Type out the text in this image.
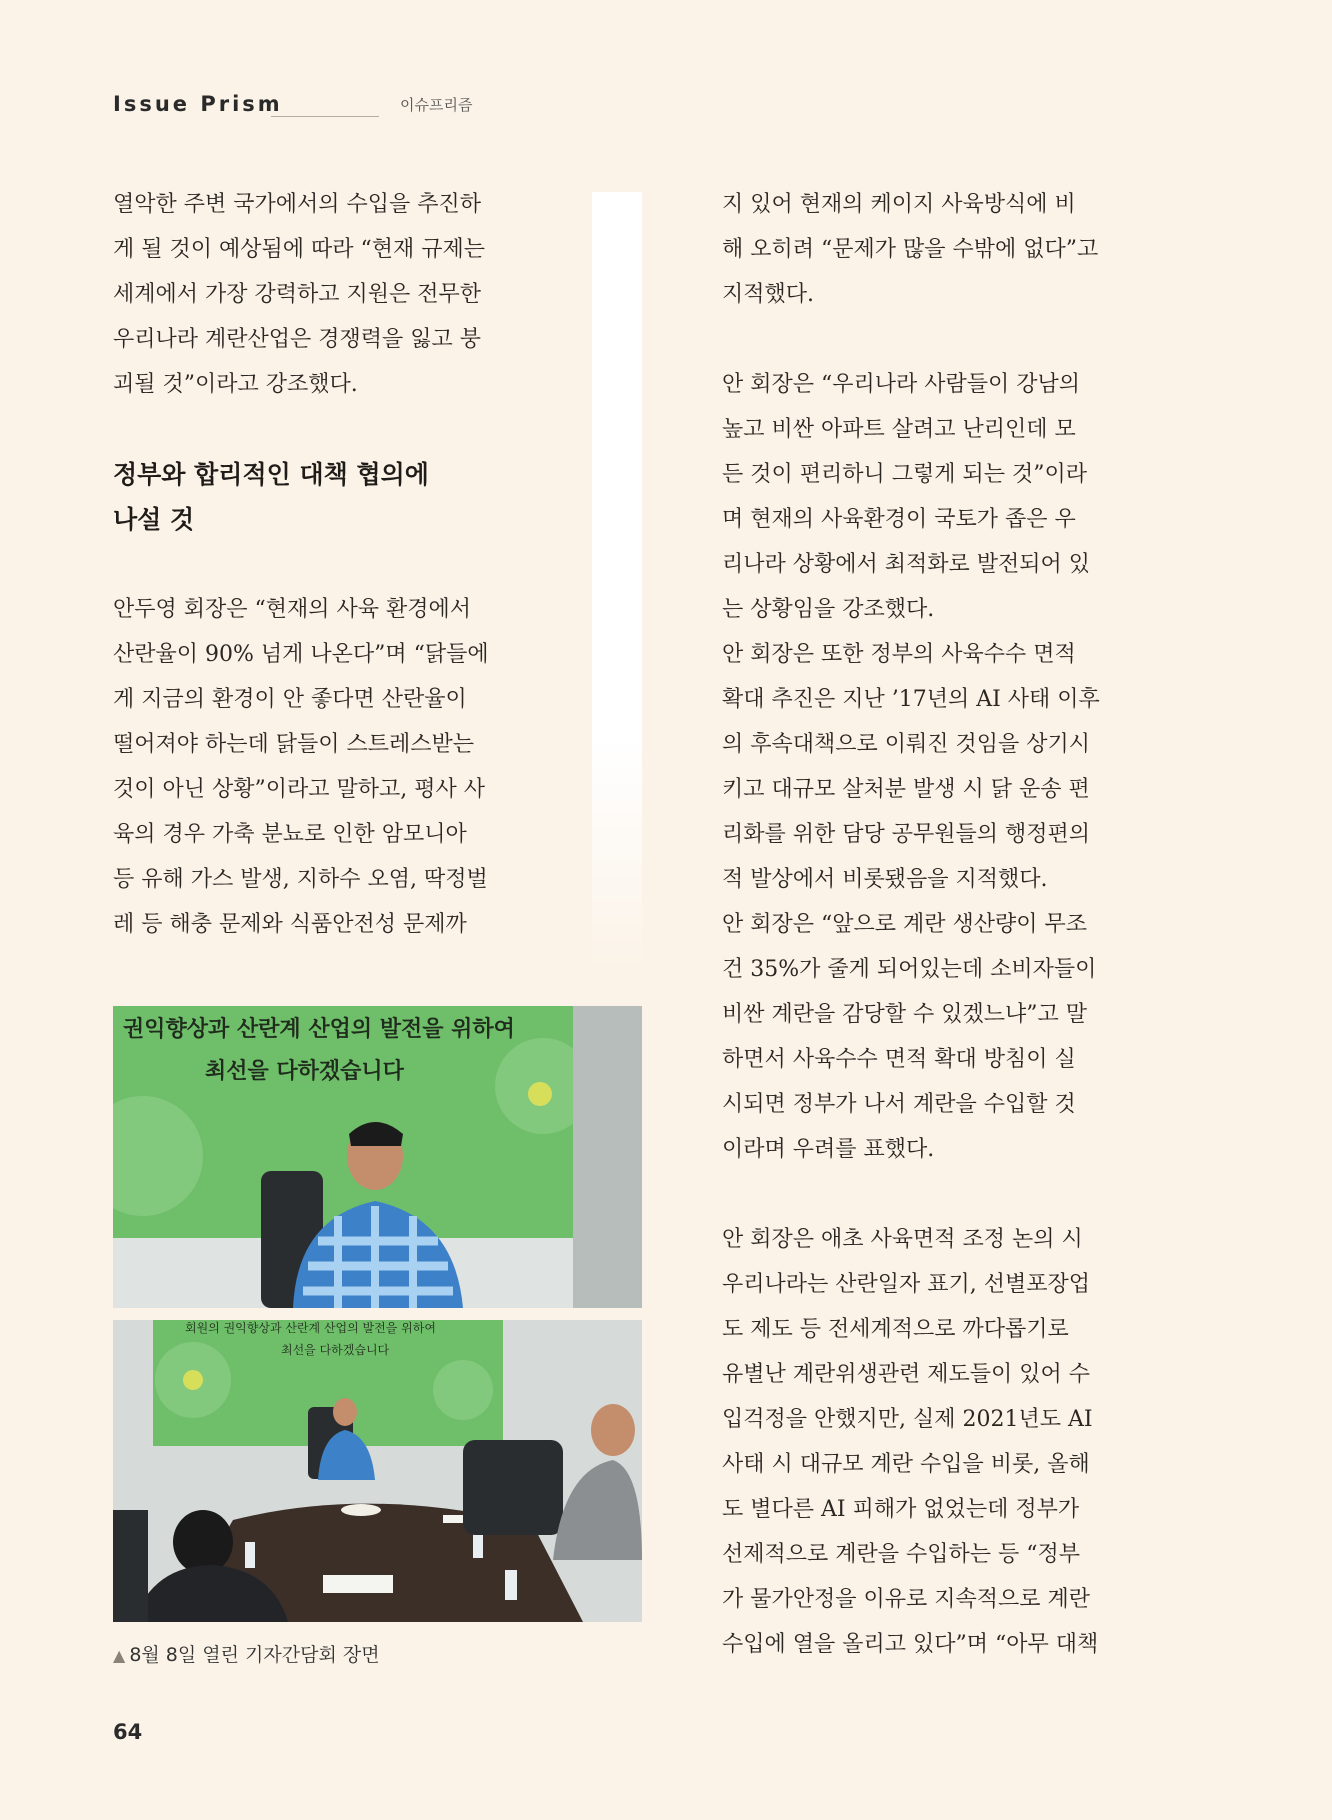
Issue Prism	이슈프리즘

열악한 주변 국가에서의 수입을 추진하
게 될 것이 예상됨에 따라 “현재 규제는
세계에서 가장 강력하고 지원은 전무한
우리나라 계란산업은 경쟁력을 잃고 붕
괴될 것”이라고 강조했다.

정부와 합리적인 대책 협의에
나설 것

안두영 회장은 “현재의 사육 환경에서
산란율이 90% 넘게 나온다”며 “닭들에
게 지금의 환경이 안 좋다면 산란율이
떨어져야 하는데 닭들이 스트레스받는
것이 아닌 상황”이라고 말하고, 평사 사
육의 경우 가축 분뇨로 인한 암모니아
등 유해 가스 발생, 지하수 오염, 딱정벌
레 등 해충 문제와 식품안전성 문제까

지 있어 현재의 케이지 사육방식에 비
해 오히려 “문제가 많을 수밖에 없다”고
지적했다.

안 회장은 “우리나라 사람들이 강남의
높고 비싼 아파트 살려고 난리인데 모
든 것이 편리하니 그렇게 되는 것”이라
며 현재의 사육환경이 국토가 좁은 우
리나라 상황에서 최적화로 발전되어 있
는 상황임을 강조했다.
안 회장은 또한 정부의 사육수수 면적
확대 추진은 지난 ’17년의 AI 사태 이후
의 후속대책으로 이뤄진 것임을 상기시
키고 대규모 살처분 발생 시 닭 운송 편
리화를 위한 담당 공무원들의 행정편의
적 발상에서 비롯됐음을 지적했다.
안 회장은 “앞으로 계란 생산량이 무조
건 35%가 줄게 되어있는데 소비자들이
비싼 계란을 감당할 수 있겠느냐”고 말
하면서 사육수수 면적 확대 방침이 실
시되면 정부가 나서 계란을 수입할 것
이라며 우려를 표했다.

안 회장은 애초 사육면적 조정 논의 시
우리나라는 산란일자 표기, 선별포장업
도 제도 등 전세계적으로 까다롭기로
유별난 계란위생관련 제도들이 있어 수
입걱정을 안했지만, 실제 2021년도 AI
사태 시 대규모 계란 수입을 비롯, 올해
도 별다른 AI 피해가 없었는데 정부가
선제적으로 계란을 수입하는 등 “정부
가 물가안정을 이유로 지속적으로 계란
수입에 열을 올리고 있다”며 “아무 대책

권익향상과 산란계 산업의 발전을 위하여
최선을 다하겠습니다
회원의 권익향상과 산란계 산업의 발전을 위하여
최선을 다하겠습니다
▲ 8월 8일 열린 기자간담회 장면
64
